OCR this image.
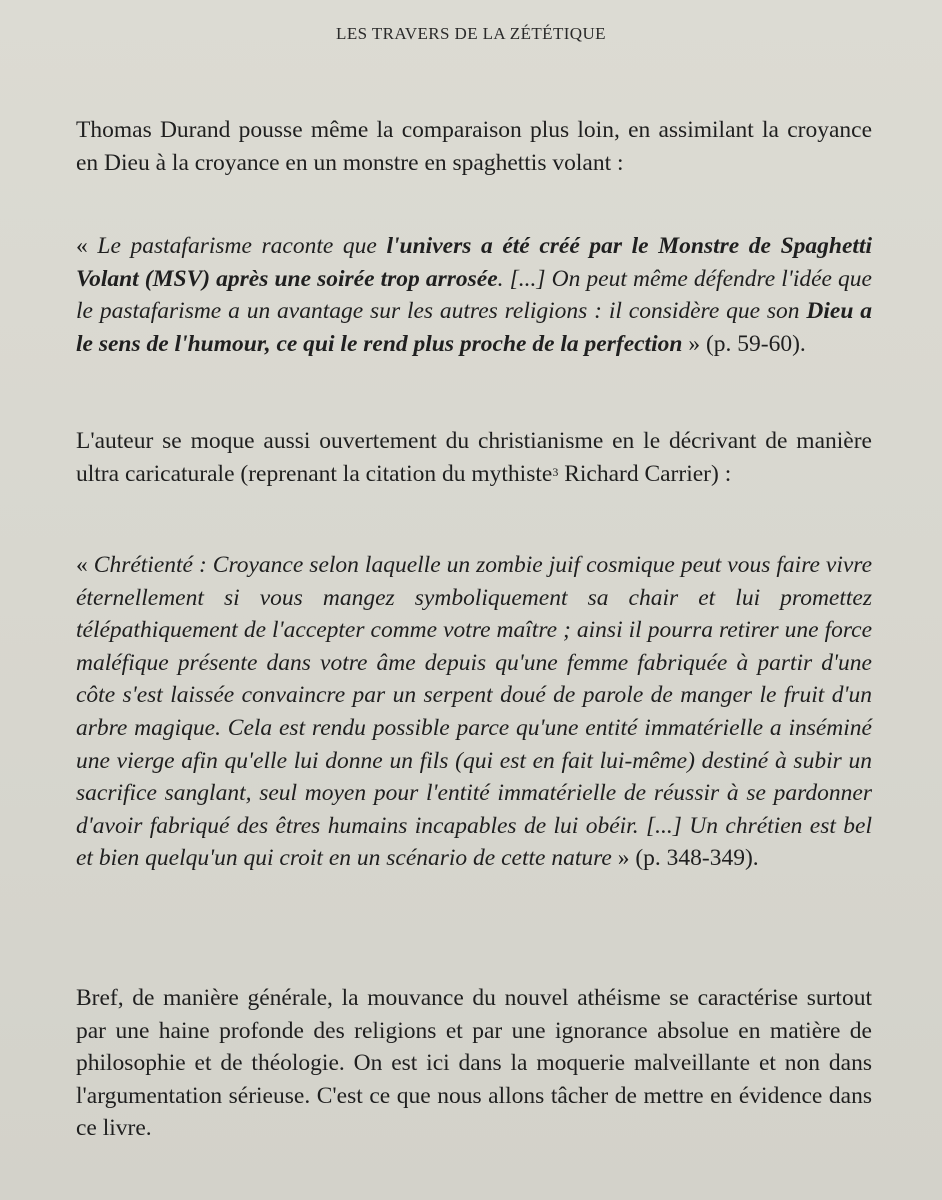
LES TRAVERS DE LA ZÉTÉTIQUE

Thomas Durand pousse même la comparaison plus loin, en assimilant la croyance en Dieu à la croyance en un monstre en spaghettis volant :

« Le pastafarisme raconte que l'univers a été créé par le Monstre de Spaghetti Volant (MSV) après une soirée trop arrosée. [...] On peut même défendre l'idée que le pastafarisme a un avantage sur les autres religions : il considère que son Dieu a le sens de l'humour, ce qui le rend plus proche de la perfection » (p. 59-60).

L'auteur se moque aussi ouvertement du christianisme en le décrivant de manière ultra caricaturale (reprenant la citation du mythiste$^3$ Richard Carrier) :

« Chrétienté : Croyance selon laquelle un zombie juif cosmique peut vous faire vivre éternellement si vous mangez symboliquement sa chair et lui promettez télépathiquement de l'accepter comme votre maître ; ainsi il pourra retirer une force maléfique présente dans votre âme depuis qu'une femme fabriquée à partir d'une côte s'est laissée convaincre par un serpent doué de parole de manger le fruit d'un arbre magique. Cela est rendu possible parce qu'une entité immatérielle a inséminé une vierge afin qu'elle lui donne un fils (qui est en fait lui-même) destiné à subir un sacrifice sanglant, seul moyen pour l'entité immatérielle de réussir à se pardonner d'avoir fabriqué des êtres humains incapables de lui obéir. [...] Un chrétien est bel et bien quelqu'un qui croit en un scénario de cette nature » (p. 348-349).

Bref, de manière générale, la mouvance du nouvel athéisme se caractérise surtout par une haine profonde des religions et par une ignorance absolue en matière de philosophie et de théologie. On est ici dans la moquerie malveillante et non dans l'argumentation sérieuse. C'est ce que nous allons tâcher de mettre en évidence dans ce livre.
